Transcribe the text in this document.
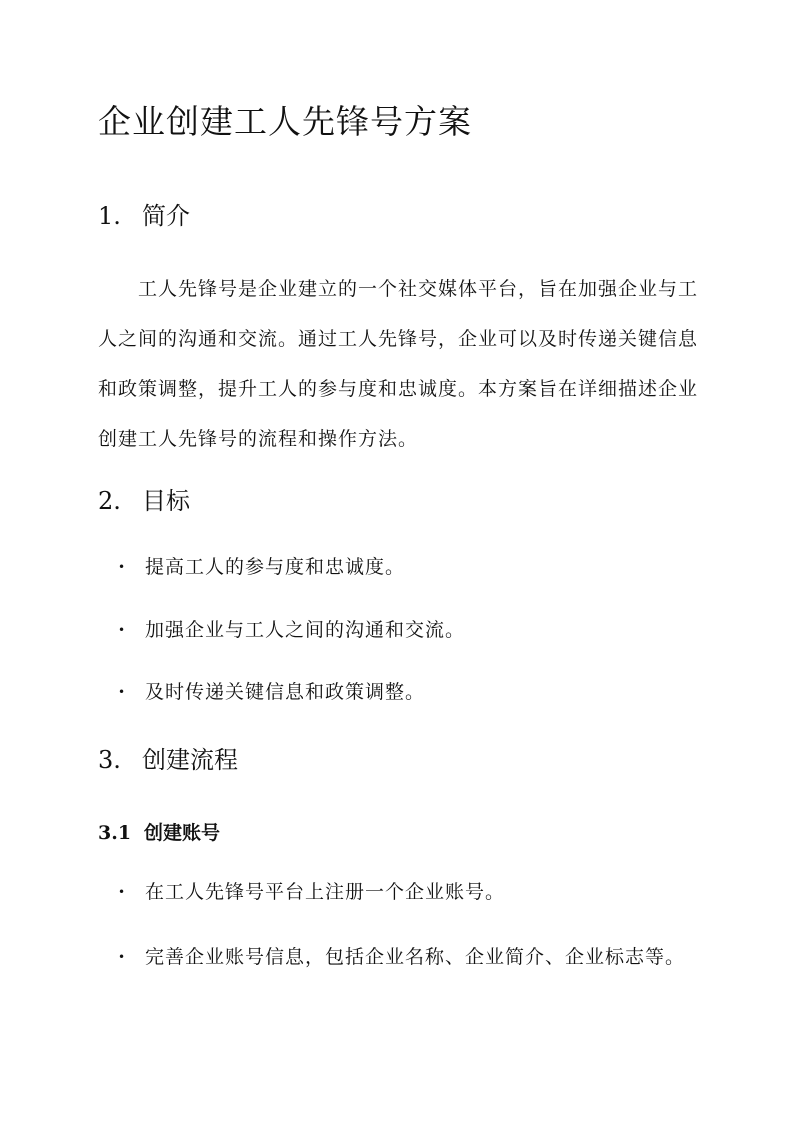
企业创建工人先锋号方案
1. 简介

工人先锋号是企业建立的一个社交媒体平台，旨在加强企业与工人之间的沟通和交流。通过工人先锋号，企业可以及时传递关键信息和政策调整，提升工人的参与度和忠诚度。本方案旨在详细描述企业创建工人先锋号的流程和操作方法。

2. 目标
• 提高工人的参与度和忠诚度。
• 加强企业与工人之间的沟通和交流。
• 及时传递关键信息和政策调整。
3. 创建流程
3.1 创建账号
• 在工人先锋号平台上注册一个企业账号。
• 完善企业账号信息，包括企业名称、企业简介、企业标志等。
